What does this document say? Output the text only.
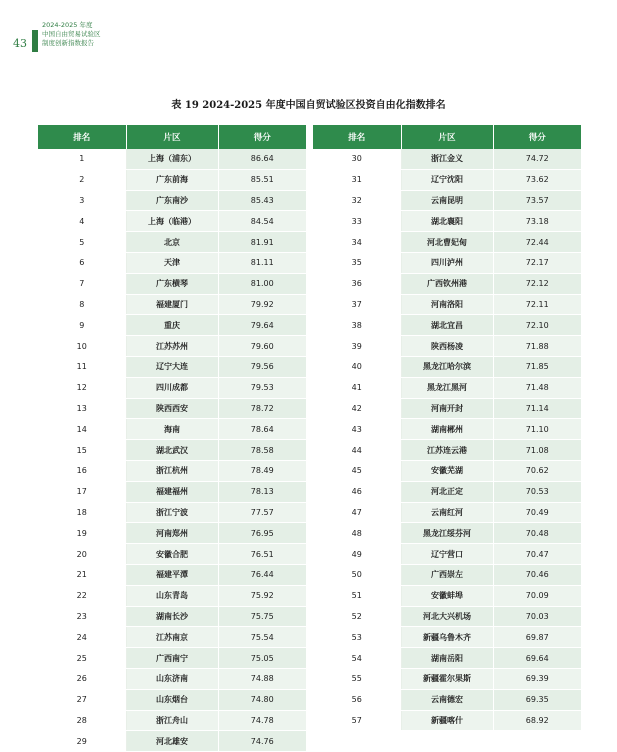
43
2024-2025 年度
中国自由贸易试验区
制度创新指数报告
表 19 2024-2025 年度中国自贸试验区投资自由化指数排名
排名	片区	得分
1	上海（浦东）	86.64
2	广东前海	85.51
3	广东南沙	85.43
4	上海（临港）	84.54
5	北京	81.91
6	天津	81.11
7	广东横琴	81.00
8	福建厦门	79.92
9	重庆	79.64
10	江苏苏州	79.60
11	辽宁大连	79.56
12	四川成都	79.53
13	陕西西安	78.72
14	海南	78.64
15	湖北武汉	78.58
16	浙江杭州	78.49
17	福建福州	78.13
18	浙江宁波	77.57
19	河南郑州	76.95
20	安徽合肥	76.51
21	福建平潭	76.44
22	山东青岛	75.92
23	湖南长沙	75.75
24	江苏南京	75.54
25	广西南宁	75.05
26	山东济南	74.88
27	山东烟台	74.80
28	浙江舟山	74.78
29	河北雄安	74.76
排名	片区	得分
30	浙江金义	74.72
31	辽宁沈阳	73.62
32	云南昆明	73.57
33	湖北襄阳	73.18
34	河北曹妃甸	72.44
35	四川泸州	72.17
36	广西钦州港	72.12
37	河南洛阳	72.11
38	湖北宜昌	72.10
39	陕西杨凌	71.88
40	黑龙江哈尔滨	71.85
41	黑龙江黑河	71.48
42	河南开封	71.14
43	湖南郴州	71.10
44	江苏连云港	71.08
45	安徽芜湖	70.62
46	河北正定	70.53
47	云南红河	70.49
48	黑龙江绥芬河	70.48
49	辽宁营口	70.47
50	广西崇左	70.46
51	安徽蚌埠	70.09
52	河北大兴机场	70.03
53	新疆乌鲁木齐	69.87
54	湖南岳阳	69.64
55	新疆霍尔果斯	69.39
56	云南德宏	69.35
57	新疆喀什	68.92
